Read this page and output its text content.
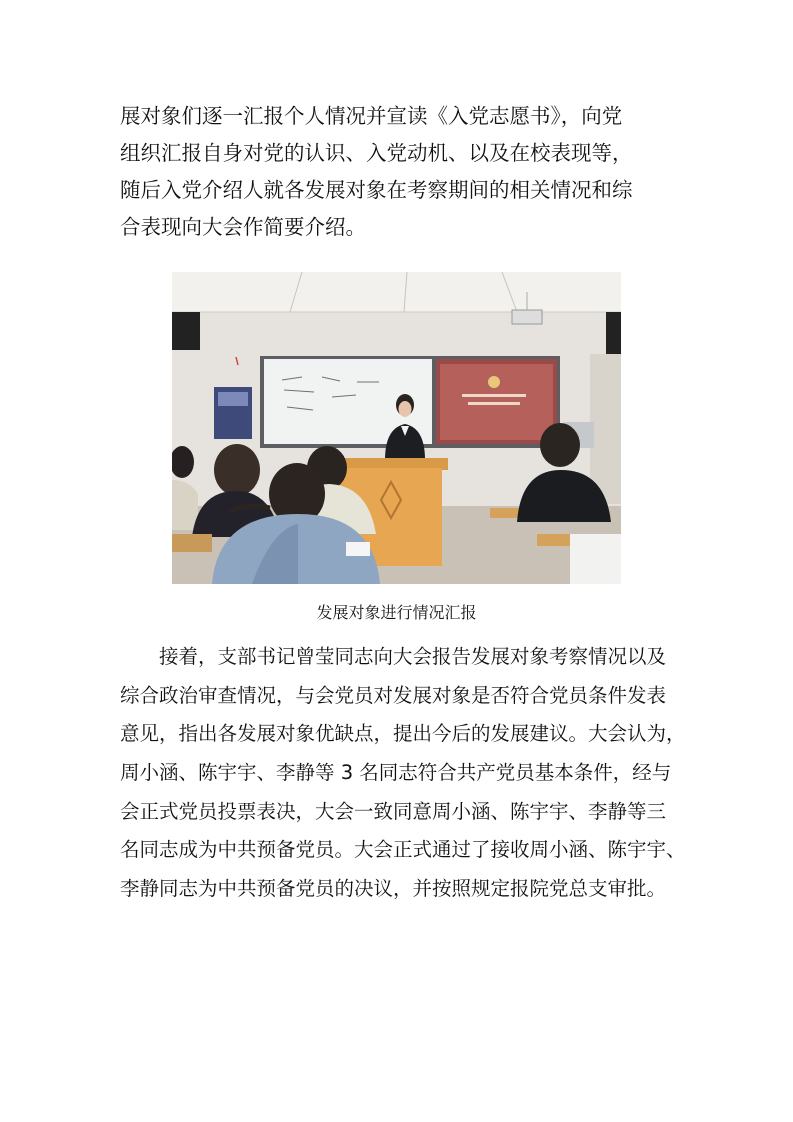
展对象们逐一汇报个人情况并宣读《入党志愿书》，向党
组织汇报自身对党的认识、入党动机、以及在校表现等，
随后入党介绍人就各发展对象在考察期间的相关情况和综
合表现向大会作简要介绍。
发展对象进行情况汇报
　　接着，支部书记曾莹同志向大会报告发展对象考察情况以及
综合政治审查情况，与会党员对发展对象是否符合党员条件发表
意见，指出各发展对象优缺点，提出今后的发展建议。大会认为，
周小涵、陈宇宇、李静等 3 名同志符合共产党员基本条件，经与
会正式党员投票表决，大会一致同意周小涵、陈宇宇、李静等三
名同志成为中共预备党员。大会正式通过了接收周小涵、陈宇宇、
李静同志为中共预备党员的决议，并按照规定报院党总支审批。
